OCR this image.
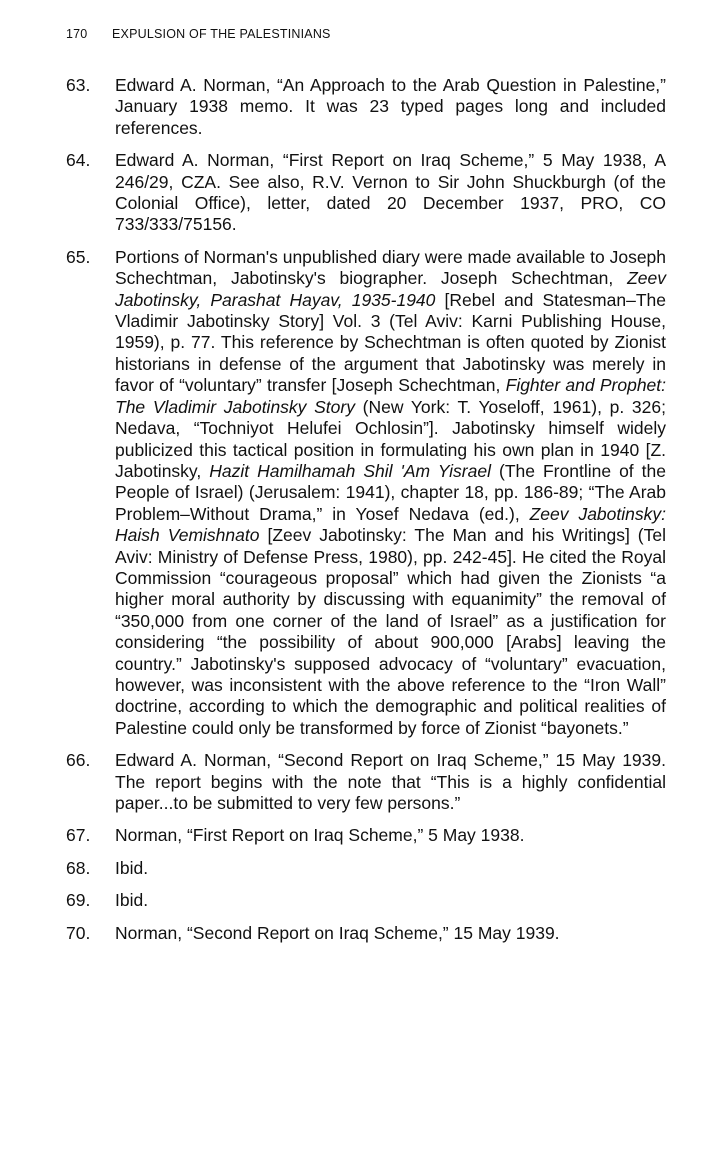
170 EXPULSION OF THE PALESTINIANS
63.	Edward A. Norman, “An Approach to the Arab Question in Palestine,” January 1938 memo. It was 23 typed pages long and included references.
64.	Edward A. Norman, “First Report on Iraq Scheme,” 5 May 1938, A 246/29, CZA. See also, R.V. Vernon to Sir John Shuckburgh (of the Colonial Office), letter, dated 20 December 1937, PRO, CO 733/333/75156.
65.	Portions of Norman's unpublished diary were made available to Joseph Schechtman, Jabotinsky's biographer. Joseph Schechtman, Zeev Jabotinsky, Parashat Hayav, 1935-1940 [Rebel and Statesman–The Vladimir Jabotinsky Story] Vol. 3 (Tel Aviv: Karni Publishing House, 1959), p. 77. This reference by Schechtman is often quoted by Zionist historians in defense of the argument that Jabotinsky was merely in favor of “voluntary” transfer [Joseph Schechtman, Fighter and Prophet: The Vladimir Jabotinsky Story (New York: T. Yoseloff, 1961), p. 326; Nedava, “Tochniyot Helufei Ochlosin”]. Jabotinsky himself widely publicized this tactical position in formulating his own plan in 1940 [Z. Jabotinsky, Hazit Hamilhamah Shil 'Am Yisrael (The Frontline of the People of Israel) (Jerusalem: 1941), chapter 18, pp. 186-89; “The Arab Problem–Without Drama,” in Yosef Nedava (ed.), Zeev Jabotinsky: Haish Vemishnato [Zeev Jabotinsky: The Man and his Writings] (Tel Aviv: Ministry of Defense Press, 1980), pp. 242-45]. He cited the Royal Commission “courageous proposal” which had given the Zionists “a higher moral authority by discussing with equanimity” the removal of “350,000 from one corner of the land of Israel” as a justification for considering “the possibility of about 900,000 [Arabs] leaving the country.” Jabotinsky's supposed advocacy of “voluntary” evacuation, however, was inconsistent with the above reference to the “Iron Wall” doctrine, according to which the demographic and political realities of Palestine could only be transformed by force of Zionist “bayonets.”
66.	Edward A. Norman, “Second Report on Iraq Scheme,” 15 May 1939. The report begins with the note that “This is a highly confidential paper...to be submitted to very few persons.”
67.	Norman, “First Report on Iraq Scheme,” 5 May 1938.
68.	Ibid.
69.	Ibid.
70.	Norman, “Second Report on Iraq Scheme,” 15 May 1939.
